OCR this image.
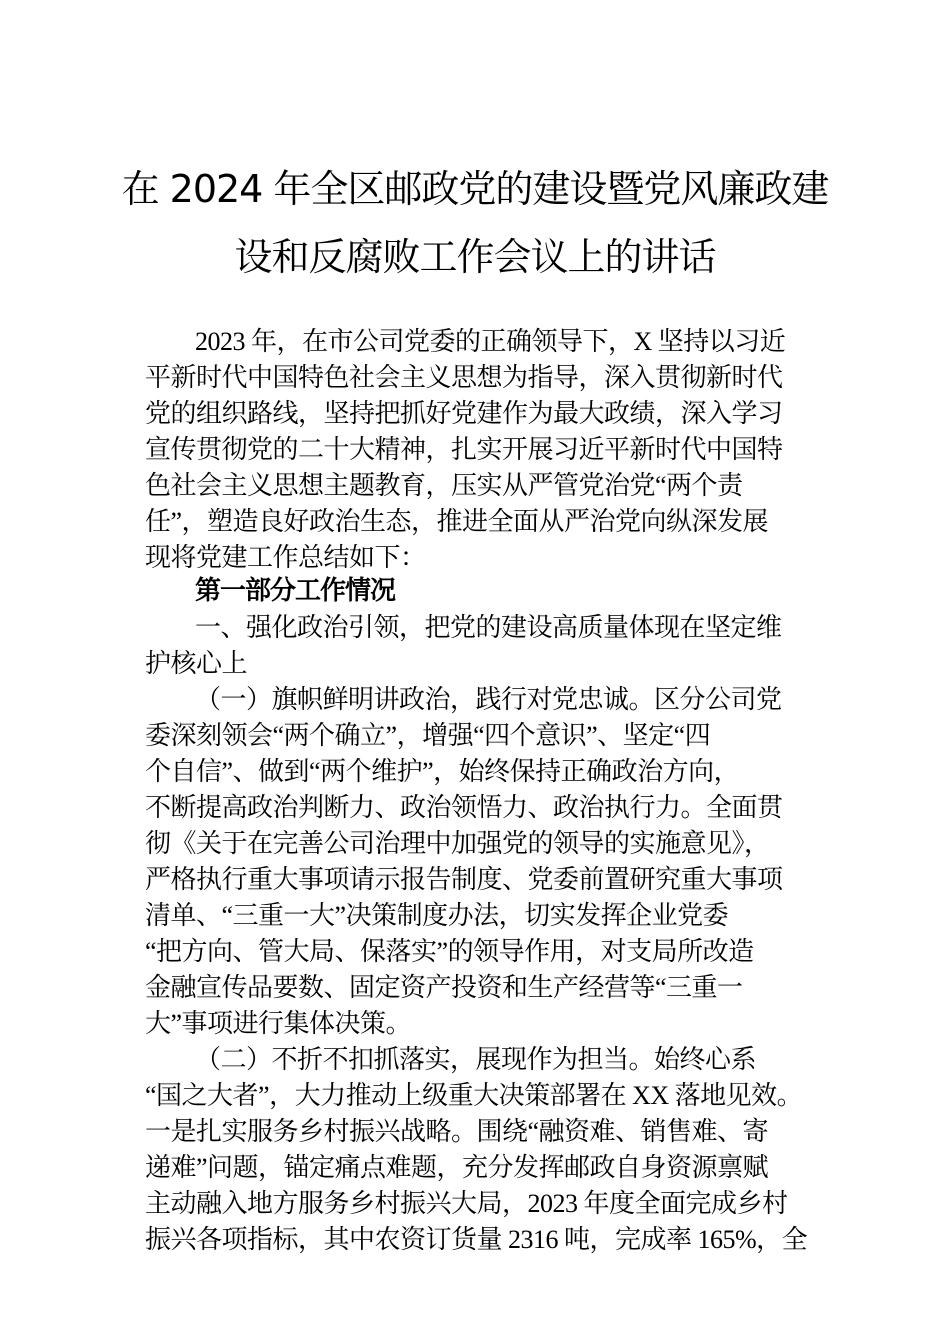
在 2024 年全区邮政党的建设暨党风廉政建
设和反腐败工作会议上的讲话
2023 年，在市公司党委的正确领导下，X 坚持以习近
平新时代中国特色社会主义思想为指导，深入贯彻新时代
党的组织路线，坚持把抓好党建作为最大政绩，深入学习
宣传贯彻党的二十大精神，扎实开展习近平新时代中国特
色社会主义思想主题教育，压实从严管党治党“两个责
任”，塑造良好政治生态，推进全面从严治党向纵深发展
现将党建工作总结如下：
第一部分工作情况
一、强化政治引领，把党的建设高质量体现在坚定维
护核心上
（一）旗帜鲜明讲政治，践行对党忠诚。区分公司党
委深刻领会“两个确立”，增强“四个意识”、坚定“四
个自信”、做到“两个维护”，始终保持正确政治方向，
不断提高政治判断力、政治领悟力、政治执行力。全面贯
彻《关于在完善公司治理中加强党的领导的实施意见》，
严格执行重大事项请示报告制度、党委前置研究重大事项
清单、“三重一大”决策制度办法，切实发挥企业党委
“把方向、管大局、保落实”的领导作用，对支局所改造
金融宣传品要数、固定资产投资和生产经营等“三重一
大”事项进行集体决策。
（二）不折不扣抓落实，展现作为担当。始终心系
“国之大者”，大力推动上级重大决策部署在 XX 落地见效。
一是扎实服务乡村振兴战略。围绕“融资难、销售难、寄
递难”问题，锚定痛点难题，充分发挥邮政自身资源禀赋
主动融入地方服务乡村振兴大局，2023 年度全面完成乡村
振兴各项指标，其中农资订货量 2316 吨，完成率 165%，全
